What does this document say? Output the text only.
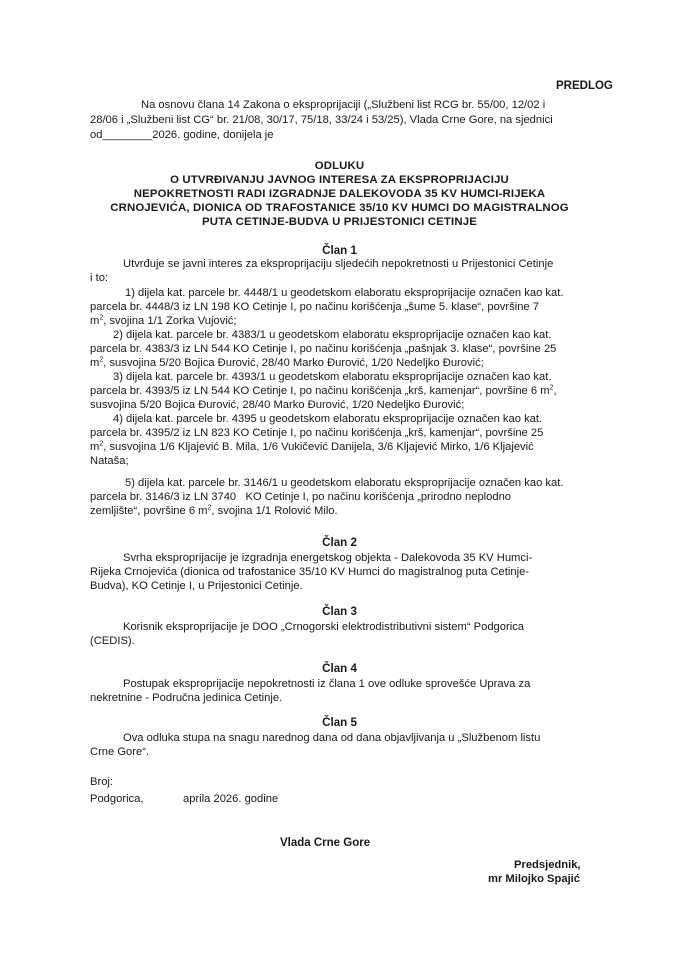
PREDLOG
Na osnovu člana 14 Zakona o eksproprijaciji („Službeni list RCG br. 55/00, 12/02 i
28/06 i „Službeni list CG“ br. 21/08, 30/17, 75/18, 33/24 i 53/25), Vlada Crne Gore, na sjednici
od________2026. godine, donijela je
ODLUKU
O UTVRĐIVANJU JAVNOG INTERESA ZA EKSPROPRIJACIJU
NEPOKRETNOSTI RADI IZGRADNJE DALEKOVODA 35 KV HUMCI-RIJEKA
CRNOJEVIĆA, DIONICA OD TRAFOSTANICE 35/10 KV HUMCI DO MAGISTRALNOG
PUTA CETINJE-BUDVA U PRIJESTONICI CETINJE
Član 1
Utvrđuje se javni interes za eksproprijaciju sljedećih nepokretnosti u Prijestonici Cetinje
i to:
1) dijela kat. parcele br. 4448/1 u geodetskom elaboratu eksproprijacije označen kao kat.
parcela br. 4448/3 iz LN 198 KO Cetinje I, po načinu korišćenja „šume 5. klase“, površine 7
$m^2$, svojina 1/1 Zorka Vujović;
2) dijela kat. parcele br. 4383/1 u geodetskom elaboratu eksproprijacije označen kao kat.
parcela br. 4383/3 iz LN 544 KO Cetinje I, po načinu korišćenja „pašnjak 3. klase“, površine 25
$m^2$, susvojina 5/20 Bojica Đurović, 28/40 Marko Đurović, 1/20 Nedeljko Đurović;
3) dijela kat. parcele br. 4393/1 u geodetskom elaboratu eksproprijacije označen kao kat.
parcela br. 4393/5 iz LN 544 KO Cetinje I, po načinu korišćenja „krš, kamenjar“, površine 6 $m^2$,
susvojina 5/20 Bojica Đurović, 28/40 Marko Đurović, 1/20 Nedeljko Đurović;
4) dijela kat. parcele br. 4395 u geodetskom elaboratu eksproprijacije označen kao kat.
parcela br. 4395/2 iz LN 823 KO Cetinje I, po načinu korišćenja „krš, kamenjar“, površine 25
$m^2$, susvojina 1/6 Kljajević B. Mila, 1/6 Vukičević Danijela, 3/6 Kljajević Mirko, 1/6 Kljajević
Nataša;
5) dijela kat. parcele br. 3146/1 u geodetskom elaboratu eksproprijacije označen kao kat.
parcela br. 3146/3 iz LN 3740   KO Cetinje I, po načinu korišćenja „prirodno neplodno
zemljište“, površine 6 $m^2$, svojina 1/1 Rolović Milo.
Član 2
Svrha eksproprijacije je izgradnja energetskog objekta - Dalekovoda 35 KV Humci-
Rijeka Crnojevića (dionica od trafostanice 35/10 KV Humci do magistralnog puta Cetinje-
Budva), KO Cetinje I, u Prijestonici Cetinje.
Član 3
Korisnik eksproprijacije je DOO „Crnogorski elektrodistributivni sistem“ Podgorica
(CEDIS).
Član 4
Postupak eksproprijacije nepokretnosti iz člana 1 ove odluke sprovešće Uprava za
nekretnine - Područna jedinica Cetinje.
Član 5
Ova odluka stupa na snagu narednog dana od dana objavljivanja u „Službenom listu
Crne Gore“.
Broj:
Podgorica,	aprila 2026. godine
Vlada Crne Gore
Predsjednik,
mr Milojko Spajić
